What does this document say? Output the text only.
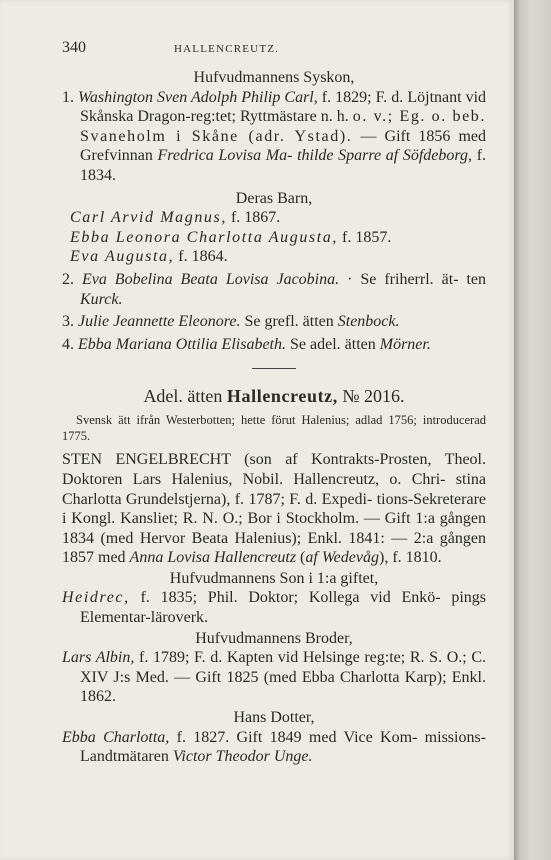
340	HALLENCREUTZ.
Hufvudmannens Syskon,
1. Washington Sven Adolph Philip Carl, f. 1829; F. d. Löjtnant vid Skånska Dragon-reg:tet; Ryttmästare n. h. o. v.; Eg. o. beb. Svaneholm i Skåne (adr. Ystad). — Gift 1856 med Grefvinnan Fredrica Lovisa Ma- thilde Sparre af Söfdeborg, f. 1834.
Deras Barn,
Carl Arvid Magnus, f. 1867.
Ebba Leonora Charlotta Augusta, f. 1857.
Eva Augusta, f. 1864.
2. Eva Bobelina Beata Lovisa Jacobina. · Se friherrl. ät- ten Kurck.
3. Julie Jeannette Eleonore. Se grefl. ätten Stenbock.
4. Ebba Mariana Ottilia Elisabeth. Se adel. ätten Mörner.
Adel. ätten Hallencreutz, № 2016.
Svensk ätt ifrån Westerbotten; hette förut Halenius; adlad 1756; introducerad 1775.
STEN ENGELBRECHT (son af Kontrakts-Prosten, Theol. Doktoren Lars Halenius, Nobil. Hallencreutz, o. Chri- stina Charlotta Grundelstjerna), f. 1787; F. d. Expedi- tions-Sekreterare i Kongl. Kansliet; R. N. O.; Bor i Stockholm. — Gift 1:a gången 1834 (med Hervor Beata Halenius); Enkl. 1841: — 2:a gången 1857 med Anna Lovisa Hallencreutz (af Wedevåg), f. 1810.
Hufvudmannens Son i 1:a giftet,
Heidrec, f. 1835; Phil. Doktor; Kollega vid Enkö- pings Elementar-läroverk.
Hufvudmannens Broder,
Lars Albin, f. 1789; F. d. Kapten vid Helsinge reg:te; R. S. O.; C. XIV J:s Med. — Gift 1825 (med Ebba Charlotta Karp); Enkl. 1862.
Hans Dotter,
Ebba Charlotta, f. 1827. Gift 1849 med Vice Kom- missions-Landtmätaren Victor Theodor Unge.
